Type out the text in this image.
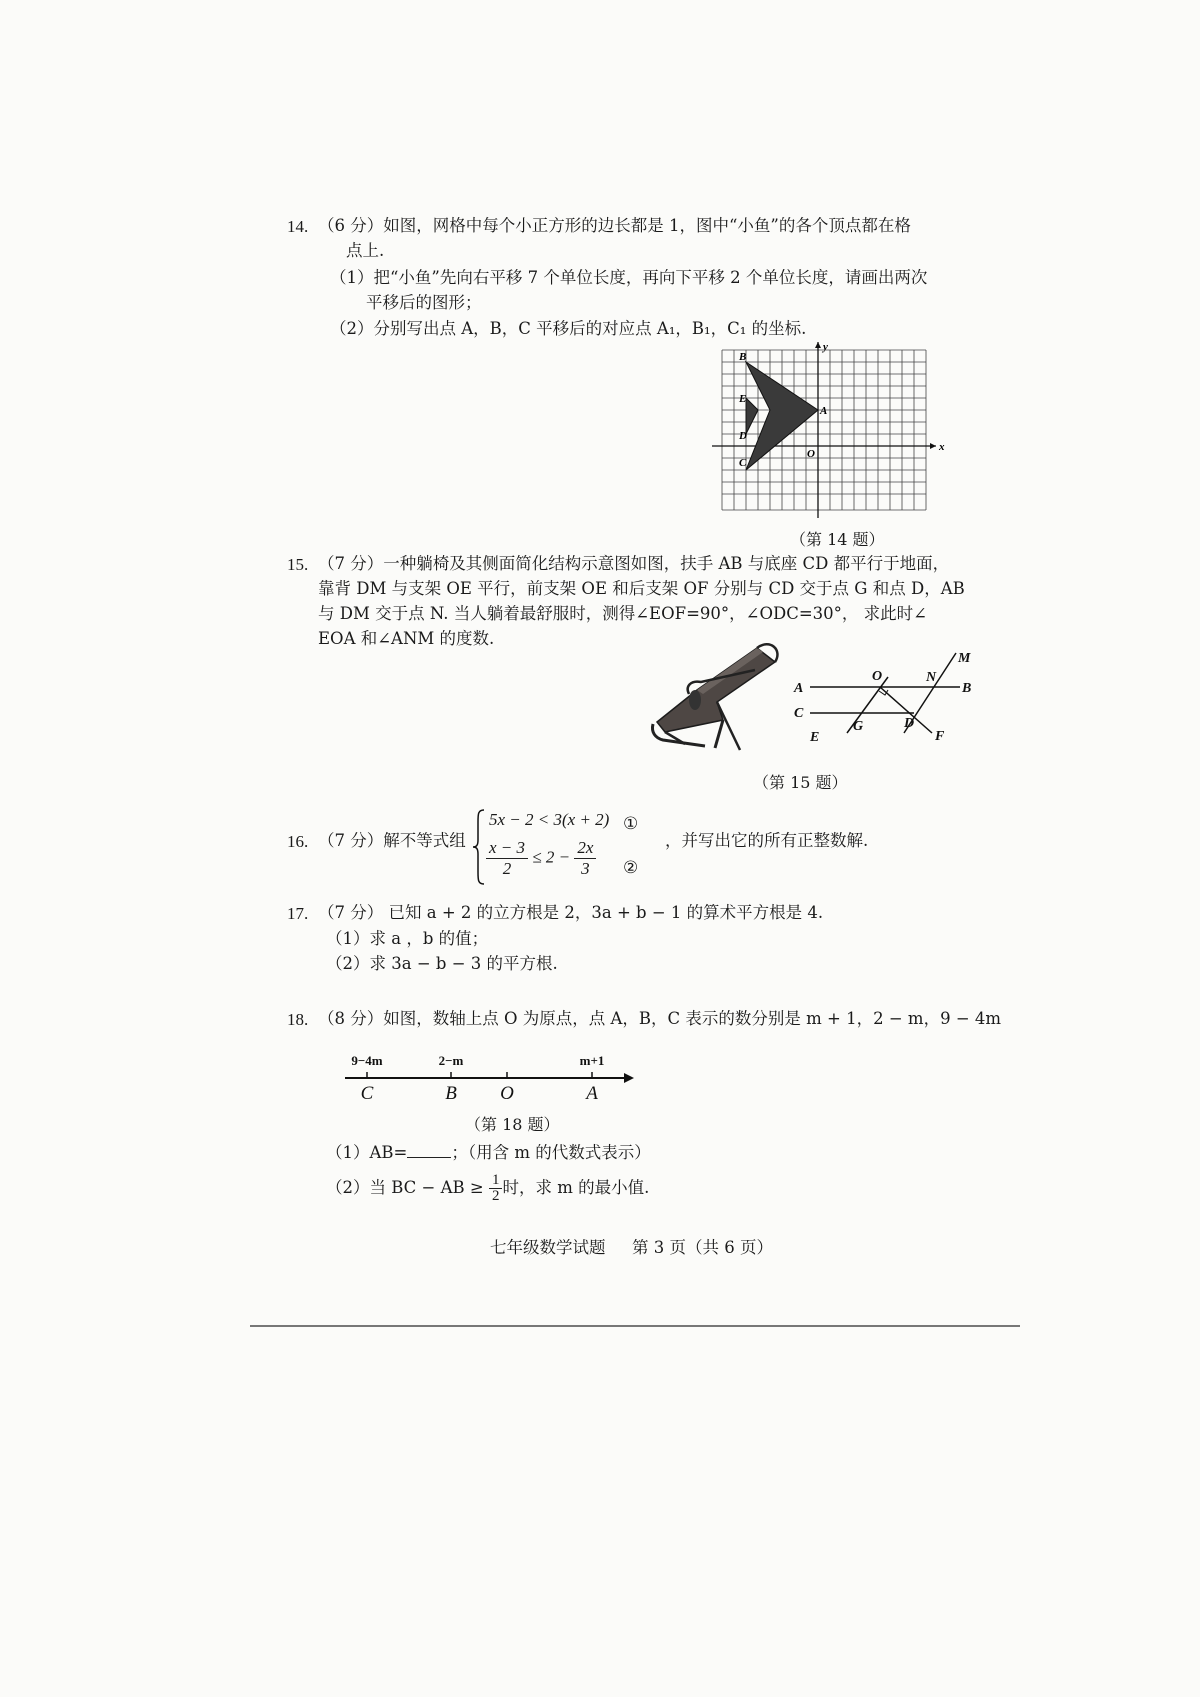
14. （6 分）如图，网格中每个小正方形的边长都是 1，图中“小鱼”的各个顶点都在格
点上.
（1）把“小鱼”先向右平移 7 个单位长度，再向下平移 2 个单位长度，请画出两次
平移后的图形；
（2）分别写出点 A，B，C 平移后的对应点 A₁，B₁，C₁ 的坐标.
B
E
D
C
A
O
x
y
（第 14 题）
15. （7 分）一种躺椅及其侧面简化结构示意图如图，扶手 AB 与底座 CD 都平行于地面，
靠背 DM 与支架 OE 平行，前支架 OE 和后支架 OF 分别与 CD 交于点 G 和点 D，AB
与 DM 交于点 N. 当人躺着最舒服时，测得∠EOF=90°，∠ODC=30°， 求此时∠
EOA 和∠ANM 的度数.
A	B
C
D
E	F
G
M
N
O
（第 15 题）
16. （7 分）解不等式组
5x − 2 < 3(x + 2) ①
$\frac{x - 3}{2} \le 2 - \frac{2x}{3}$ ②
，并写出它的所有正整数解.
17. （7 分） 已知 a + 2 的立方根是 2，3a + b − 1 的算术平方根是 4.
（1）求 a ，b 的值；
（2）求 3a − b − 3 的平方根.
18. （8 分）如图，数轴上点 O 为原点，点 A，B，C 表示的数分别是 m + 1，2 − m，9 − 4m
9−4m	2−m	m+1
C	B O	A
（第 18 题）
（1）AB=	；（用含 m 的代数式表示）
（2）当 BC − AB ≥ $\frac{1}{2}$ 时，求 m 的最小值.
七年级数学试题 第 3 页（共 6 页）
